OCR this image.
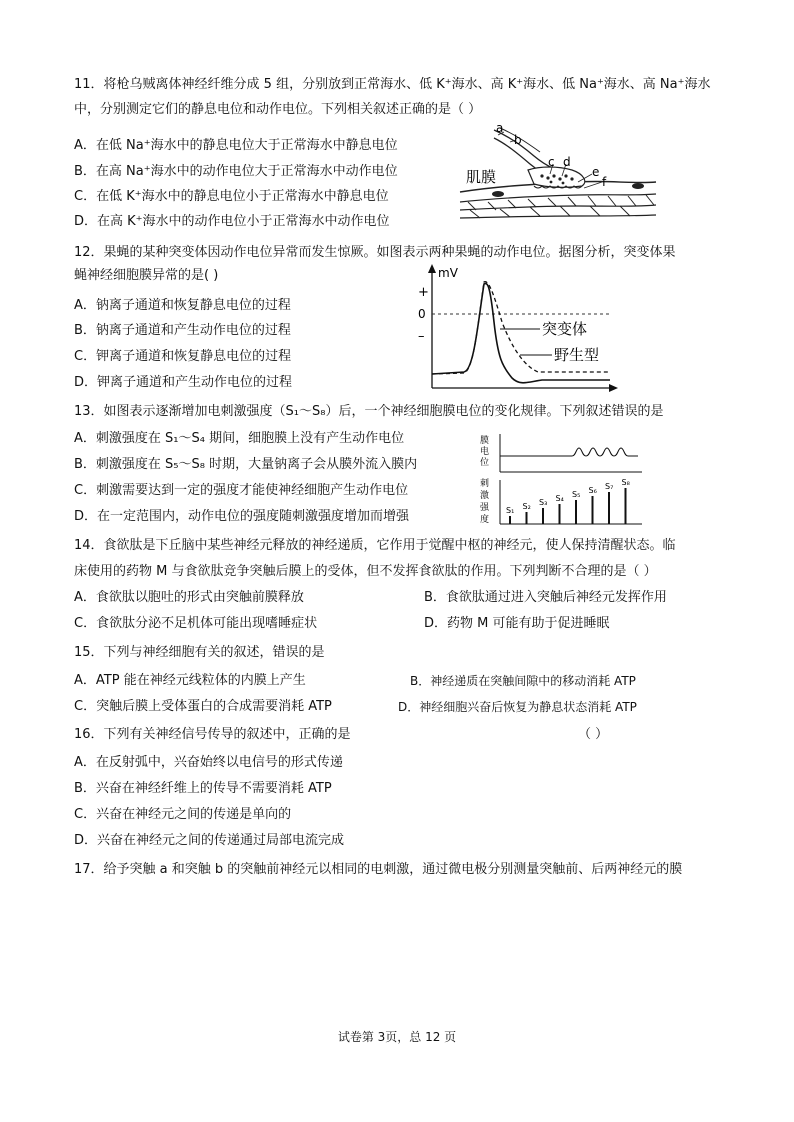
11．将枪乌贼离体神经纤维分成 5 组，分别放到正常海水、低 K⁺海水、高 K⁺海水、低 Na⁺海水、高 Na⁺海水
中，分别测定它们的静息电位和动作电位。下列相关叙述正确的是（ ）
A．在低 Na⁺海水中的静息电位大于正常海水中静息电位
B．在高 Na⁺海水中的动作电位大于正常海水中动作电位
C．在低 K⁺海水中的静息电位小于正常海水中静息电位
D．在高 K⁺海水中的动作电位小于正常海水中动作电位
a
b
c d
e
f
肌膜
12．果蝇的某种突变体因动作电位异常而发生惊厥。如图表示两种果蝇的动作电位。据图分析，突变体果
蝇神经细胞膜异常的是( )
A．钠离子通道和恢复静息电位的过程
B．钠离子通道和产生动作电位的过程
C．钾离子通道和恢复静息电位的过程
D．钾离子通道和产生动作电位的过程
mV
+
0
–	突变体
野生型
13．如图表示逐渐增加电刺激强度（S₁～S₈）后，一个神经细胞膜电位的变化规律。下列叙述错误的是
A．刺激强度在 S₁～S₄ 期间，细胞膜上没有产生动作电位
B．刺激强度在 S₅～S₈ 时期，大量钠离子会从膜外流入膜内
C．刺激需要达到一定的强度才能使神经细胞产生动作电位
D．在一定范围内，动作电位的强度随刺激强度增加而增强
膜
电
位
刺
激
强
度
S₁ S₂ S₃ S₄ S₅ S₆ S₇ S₈
14．食欲肽是下丘脑中某些神经元释放的神经递质，它作用于觉醒中枢的神经元，使人保持清醒状态。临
床使用的药物 M 与食欲肽竞争突触后膜上的受体，但不发挥食欲肽的作用。下列判断不合理的是（ ）
A．食欲肽以胞吐的形式由突触前膜释放	B．食欲肽通过进入突触后神经元发挥作用
C．食欲肽分泌不足机体可能出现嗜睡症状	D．药物 M 可能有助于促进睡眠
15．下列与神经细胞有关的叙述，错误的是
A．ATP 能在神经元线粒体的内膜上产生	B．神经递质在突触间隙中的移动消耗 ATP
C．突触后膜上受体蛋白的合成需要消耗 ATP	D．神经细胞兴奋后恢复为静息状态消耗 ATP
16．下列有关神经信号传导的叙述中，正确的是	（ ）
A．在反射弧中，兴奋始终以电信号的形式传递
B．兴奋在神经纤维上的传导不需要消耗 ATP
C．兴奋在神经元之间的传递是单向的
D．兴奋在神经元之间的传递通过局部电流完成
17．给予突触 a 和突触 b 的突触前神经元以相同的电刺激，通过微电极分别测量突触前、后两神经元的膜
试卷第 3页，总 12 页
